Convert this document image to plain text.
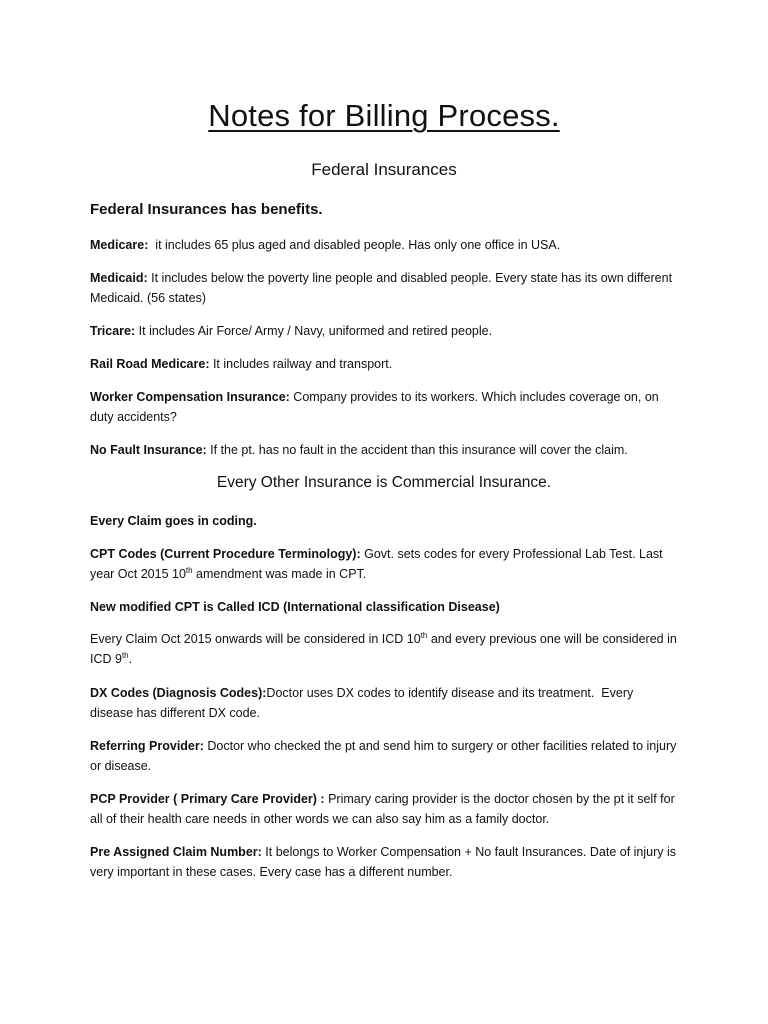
Notes for Billing Process.
Federal Insurances

Federal Insurances has benefits.

Medicare:  it includes 65 plus aged and disabled people. Has only one office in USA.

Medicaid: It includes below the poverty line people and disabled people. Every state has its own different Medicaid. (56 states)

Tricare: It includes Air Force/ Army / Navy, uniformed and retired people.

Rail Road Medicare: It includes railway and transport.

Worker Compensation Insurance: Company provides to its workers. Which includes coverage on, on duty accidents?

No Fault Insurance: If the pt. has no fault in the accident than this insurance will cover the claim.

Every Other Insurance is Commercial Insurance.

Every Claim goes in coding.

CPT Codes (Current Procedure Terminology): Govt. sets codes for every Professional Lab Test. Last year Oct 2015 10th amendment was made in CPT.

New modified CPT is Called ICD (International classification Disease)

Every Claim Oct 2015 onwards will be considered in ICD 10th and every previous one will be considered in ICD 9th.

DX Codes (Diagnosis Codes):Doctor uses DX codes to identify disease and its treatment.  Every disease has different DX code.

Referring Provider: Doctor who checked the pt and send him to surgery or other facilities related to injury or disease.

PCP Provider ( Primary Care Provider) : Primary caring provider is the doctor chosen by the pt it self for all of their health care needs in other words we can also say him as a family doctor.

Pre Assigned Claim Number: It belongs to Worker Compensation + No fault Insurances. Date of injury is very important in these cases. Every case has a different number.
